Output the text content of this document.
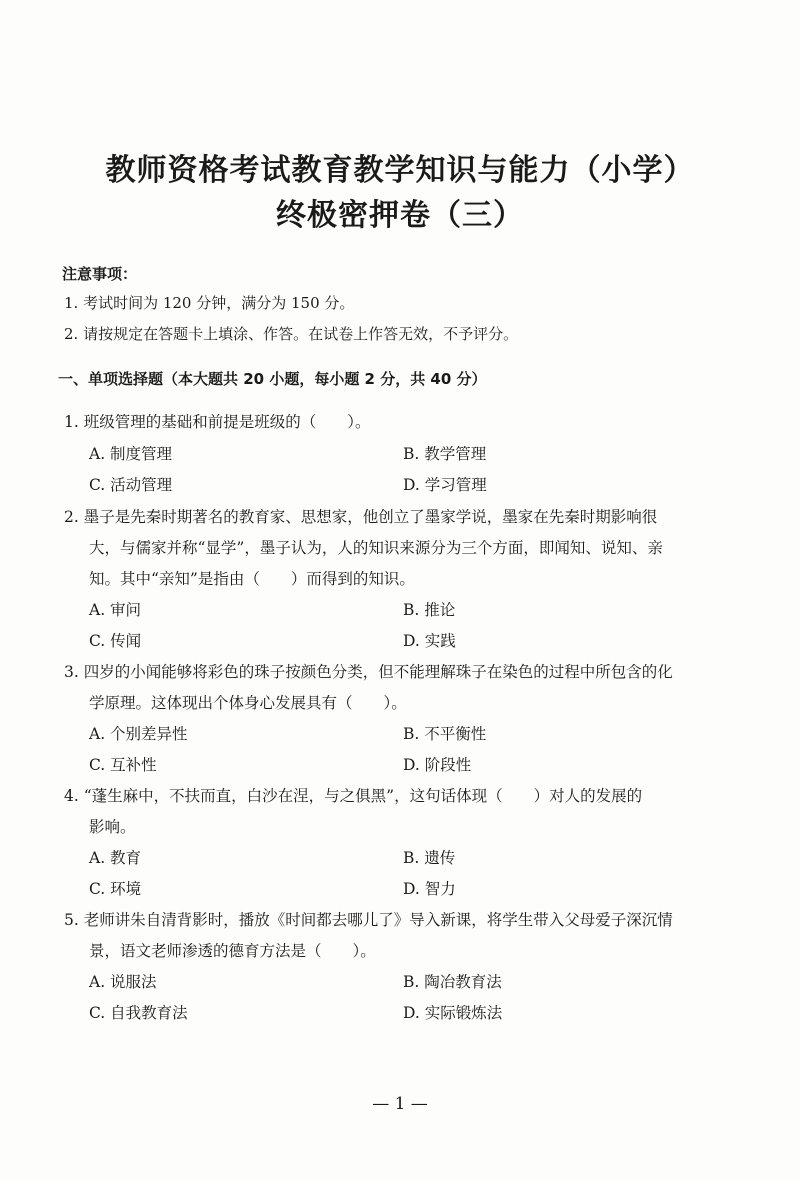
教师资格考试教育教学知识与能力（小学）
终极密押卷（三）
注意事项：
1. 考试时间为 120 分钟，满分为 150 分。
2. 请按规定在答题卡上填涂、作答。在试卷上作答无效，不予评分。
一、单项选择题（本大题共 20 小题，每小题 2 分，共 40 分）
1. 班级管理的基础和前提是班级的（　　）。
A. 制度管理	B. 教学管理
C. 活动管理	D. 学习管理
2. 墨子是先秦时期著名的教育家、思想家，他创立了墨家学说，墨家在先秦时期影响很
大，与儒家并称“显学”，墨子认为，人的知识来源分为三个方面，即闻知、说知、亲
知。其中“亲知”是指由（　　）而得到的知识。
A. 审问	B. 推论
C. 传闻	D. 实践
3. 四岁的小闻能够将彩色的珠子按颜色分类，但不能理解珠子在染色的过程中所包含的化
学原理。这体现出个体身心发展具有（　　）。
A. 个别差异性	B. 不平衡性
C. 互补性	D. 阶段性
4. “蓬生麻中，不扶而直，白沙在涅，与之俱黑”，这句话体现（　　）对人的发展的
影响。
A. 教育	B. 遗传
C. 环境	D. 智力
5. 老师讲朱自清背影时，播放《时间都去哪儿了》导入新课，将学生带入父母爱子深沉情
景，语文老师渗透的德育方法是（　　）。
A. 说服法	B. 陶冶教育法
C. 自我教育法	D. 实际锻炼法
— 1 —
